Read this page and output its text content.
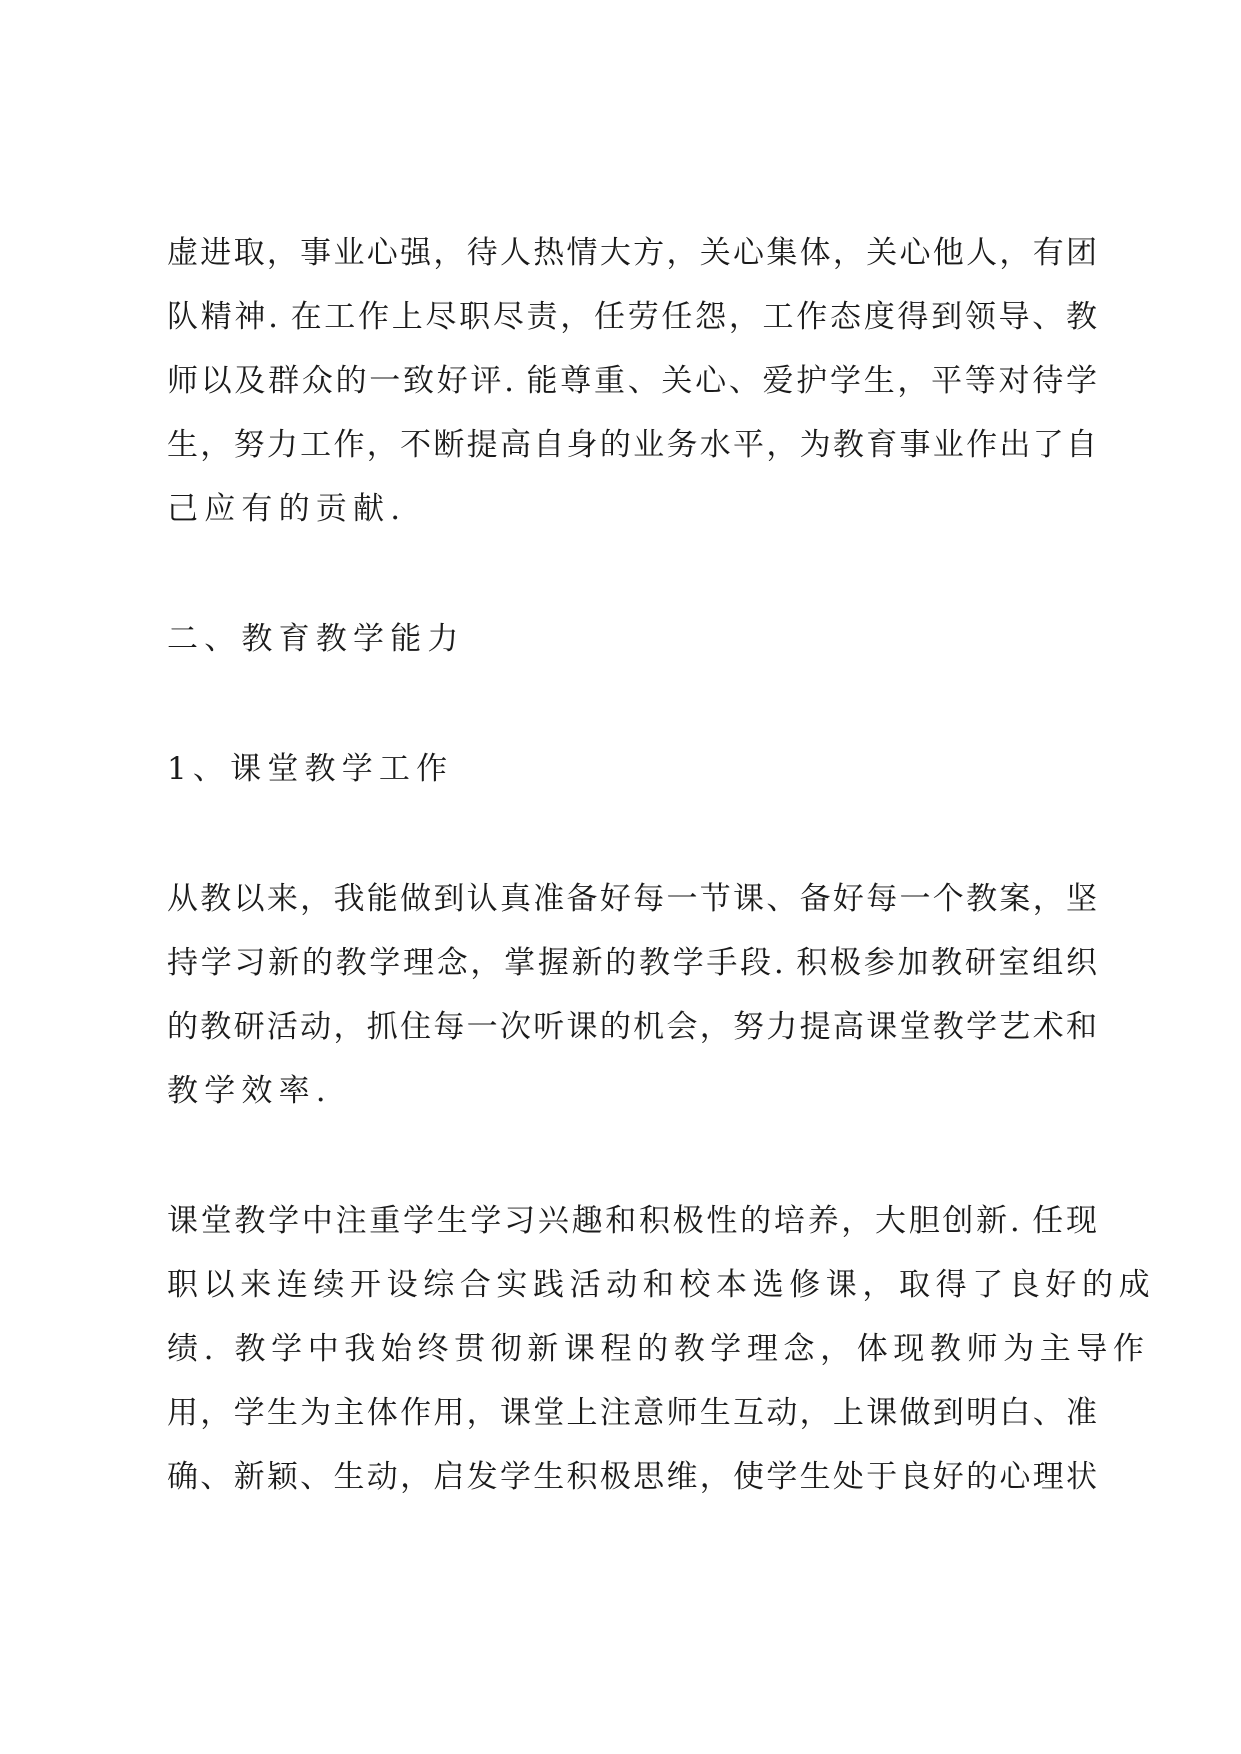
虚进取，事业心强，待人热情大方，关心集体，关心他人，有团
队精神. 在工作上尽职尽责，任劳任怨，工作态度得到领导、教
师以及群众的一致好评. 能尊重、关心、爱护学生，平等对待学
生，努力工作，不断提高自身的业务水平，为教育事业作出了自
己应有的贡献.
二、教育教学能力
1、课堂教学工作
从教以来，我能做到认真准备好每一节课、备好每一个教案，坚
持学习新的教学理念，掌握新的教学手段. 积极参加教研室组织
的教研活动，抓住每一次听课的机会，努力提高课堂教学艺术和
教学效率.
课堂教学中注重学生学习兴趣和积极性的培养，大胆创新. 任现
职以来连续开设综合实践活动和校本选修课，取得了良好的成
绩. 教学中我始终贯彻新课程的教学理念，体现教师为主导作
用，学生为主体作用，课堂上注意师生互动，上课做到明白、准
确、新颖、生动，启发学生积极思维，使学生处于良好的心理状
